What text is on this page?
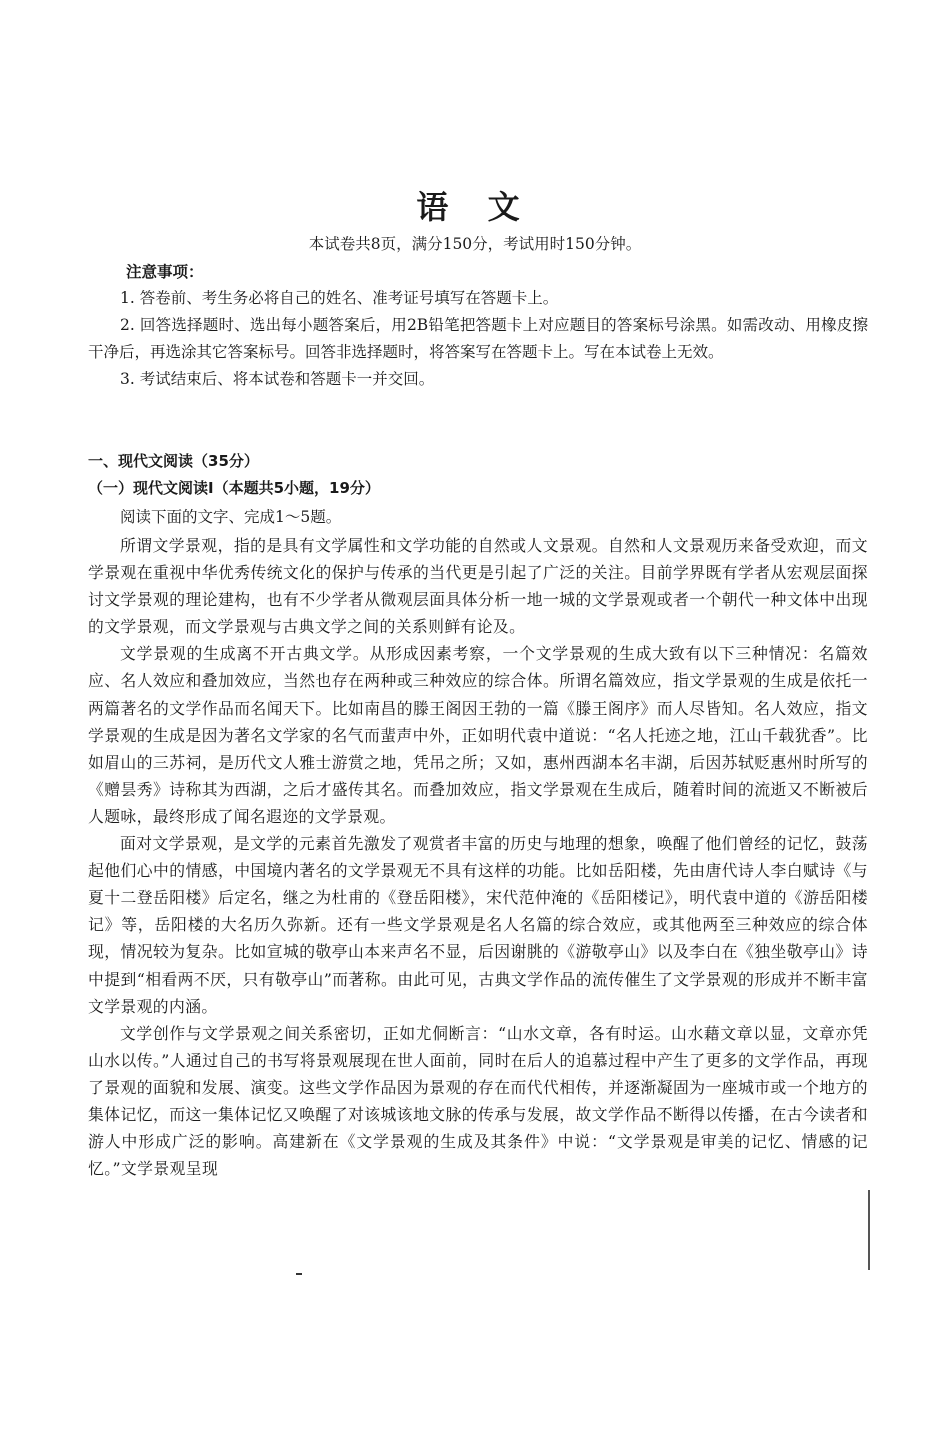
语 文
本试卷共8页，满分150分，考试用时150分钟。
注意事项：

1. 答卷前、考生务必将自己的姓名、准考证号填写在答题卡上。

2. 回答选择题时、选出每小题答案后，用2B铅笔把答题卡上对应题目的答案标号涂黑。如需改动、用橡皮擦干净后，再选涂其它答案标号。回答非选择题时，将答案写在答题卡上。写在本试卷上无效。

3. 考试结束后、将本试卷和答题卡一并交回。

一、现代文阅读（35分）
（一）现代文阅读Ⅰ（本题共5小题，19分）
阅读下面的文字、完成1～5题。

所谓文学景观，指的是具有文学属性和文学功能的自然或人文景观。自然和人文景观历来备受欢迎，而文学景观在重视中华优秀传统文化的保护与传承的当代更是引起了广泛的关注。目前学界既有学者从宏观层面探讨文学景观的理论建构，也有不少学者从微观层面具体分析一地一城的文学景观或者一个朝代一种文体中出现的文学景观，而文学景观与古典文学之间的关系则鲜有论及。

文学景观的生成离不开古典文学。从形成因素考察，一个文学景观的生成大致有以下三种情况：名篇效应、名人效应和叠加效应，当然也存在两种或三种效应的综合体。所谓名篇效应，指文学景观的生成是依托一两篇著名的文学作品而名闻天下。比如南昌的滕王阁因王勃的一篇《滕王阁序》而人尽皆知。名人效应，指文学景观的生成是因为著名文学家的名气而蜚声中外，正如明代袁中道说：“名人托迹之地，江山千载犹香”。比如眉山的三苏祠，是历代文人雅士游赏之地，凭吊之所；又如，惠州西湖本名丰湖，后因苏轼贬惠州时所写的《赠昙秀》诗称其为西湖，之后才盛传其名。而叠加效应，指文学景观在生成后，随着时间的流逝又不断被后人题咏，最终形成了闻名遐迩的文学景观。

面对文学景观，是文学的元素首先激发了观赏者丰富的历史与地理的想象，唤醒了他们曾经的记忆，鼓荡起他们心中的情感，中国境内著名的文学景观无不具有这样的功能。比如岳阳楼，先由唐代诗人李白赋诗《与夏十二登岳阳楼》后定名，继之为杜甫的《登岳阳楼》，宋代范仲淹的《岳阳楼记》，明代袁中道的《游岳阳楼记》等，岳阳楼的大名历久弥新。还有一些文学景观是名人名篇的综合效应，或其他两至三种效应的综合体现，情况较为复杂。比如宣城的敬亭山本来声名不显，后因谢朓的《游敬亭山》以及李白在《独坐敬亭山》诗中提到“相看两不厌，只有敬亭山”而著称。由此可见，古典文学作品的流传催生了文学景观的形成并不断丰富文学景观的内涵。

文学创作与文学景观之间关系密切，正如尤侗断言：“山水文章，各有时运。山水藉文章以显，文章亦凭山水以传。”人通过自己的书写将景观展现在世人面前，同时在后人的追慕过程中产生了更多的文学作品，再现了景观的面貌和发展、演变。这些文学作品因为景观的存在而代代相传，并逐渐凝固为一座城市或一个地方的集体记忆，而这一集体记忆又唤醒了对该城该地文脉的传承与发展，故文学作品不断得以传播，在古今读者和游人中形成广泛的影响。高建新在《文学景观的生成及其条件》中说：“文学景观是审美的记忆、情感的记忆。”文学景观呈现
